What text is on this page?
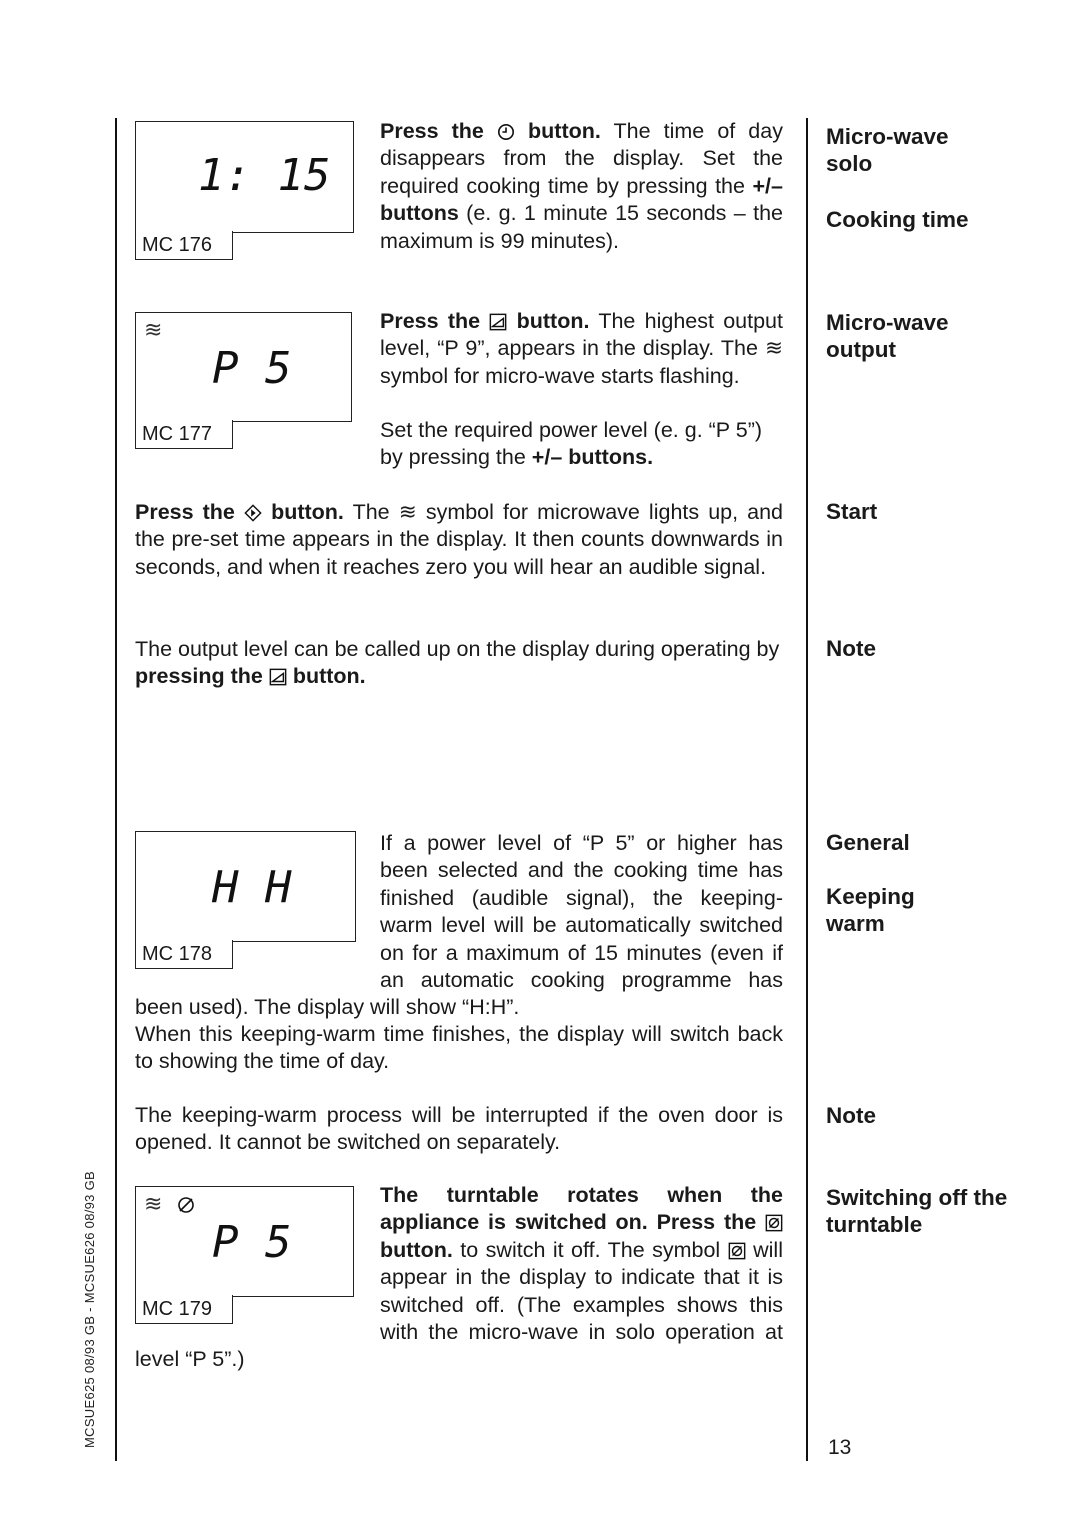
MCSUE625 08/93 GB - MCSUE626 08/93 GB
1: 15
MC 176
≋
P 5
MC 177
Press the button. The time of day disappears from the display. Set the required cooking time by pressing the +/– buttons (e. g. 1 minute 15 seconds – the maximum is 99 minutes).
Press the button. The highest output level, “P 9”, appears in the display. The ≋ symbol for micro-wave starts flashing.
Set the required power level (e. g. “P 5”) by pressing the +/– buttons.
Press the button. The ≋ symbol for microwave lights up, and the pre-set time appears in the display. It then counts downwards in seconds, and when it reaches zero you will hear an audible signal.
The output level can be called up on the display during operating by pressing the button.
H H
MC 178
If a power level of “P 5” or higher has been selected and the cooking time has finished (audible signal), the keeping-warm level will be automatically switched on for a maximum of 15 minutes (even if an automatic cooking programme has been used). The display will show “H:H”.
When this keeping-warm time finishes, the display will switch back to showing the time of day.
The keeping-warm process will be interrupted if the oven door is opened. It cannot be switched on separately.
≋
P 5
MC 179
The turntable rotates when the appliance is switched on. Press the  button. to switch it off. The symbol will appear in the display to indicate that it is switched off. (The examples shows this with the micro-wave in solo operation at level “P 5”.)
Micro-wave solo
Cooking time
Micro-wave output
Start
Note
General
Keeping warm
Note
Switching off the turntable
13
